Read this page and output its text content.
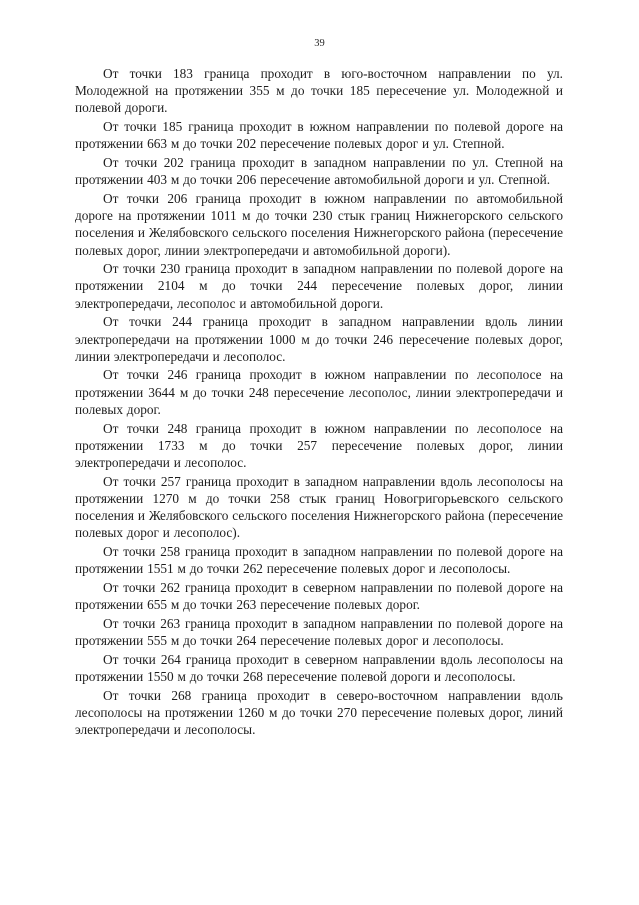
39

От точки 183 граница проходит в юго-восточном направлении по ул. Молодежной на протяжении 355 м до точки 185 пересечение ул. Молодежной и полевой дороги.

От точки 185 граница проходит в южном направлении по полевой дороге на протяжении 663 м до точки 202 пересечение полевых дорог и ул. Степной.

От точки 202 граница проходит в западном направлении по ул. Степной на протяжении 403 м до точки 206 пересечение автомобильной дороги и ул. Степной.

От точки 206 граница проходит в южном направлении по автомобильной дороге на протяжении 1011 м до точки 230 стык границ Нижнегорского сельского поселения и Желябовского сельского поселения Нижнегорского района (пересечение полевых дорог, линии электропередачи и автомобильной дороги).

От точки 230 граница проходит в западном направлении по полевой дороге на протяжении 2104 м до точки 244 пересечение полевых дорог, линии электропередачи, лесополос и автомобильной дороги.

От точки 244 граница проходит в западном направлении вдоль линии электропередачи на протяжении 1000 м до точки 246 пересечение полевых дорог, линии электропередачи и лесополос.

От точки 246 граница проходит в южном направлении по лесополосе на протяжении 3644 м до точки 248 пересечение лесополос, линии электропередачи и полевых дорог.

От точки 248 граница проходит в южном направлении по лесополосе на протяжении 1733 м до точки 257 пересечение полевых дорог, линии электропередачи и лесополос.

От точки 257 граница проходит в западном направлении вдоль лесополосы на протяжении 1270 м до точки 258 стык границ Новогригорьевского сельского поселения и Желябовского сельского поселения Нижнегорского района (пересечение полевых дорог и лесополос).

От точки 258 граница проходит в западном направлении по полевой дороге на протяжении 1551 м до точки 262 пересечение полевых дорог и лесополосы.

От точки 262 граница проходит в северном направлении по полевой дороге на протяжении 655 м до точки 263 пересечение полевых дорог.

От точки 263 граница проходит в западном направлении по полевой дороге на протяжении 555 м до точки 264 пересечение полевых дорог и лесополосы.

От точки 264 граница проходит в северном направлении вдоль лесополосы на протяжении 1550 м до точки 268 пересечение полевой дороги и лесополосы.

От точки 268 граница проходит в северо-восточном направлении вдоль лесополосы на протяжении 1260 м до точки 270 пересечение полевых дорог, линий электропередачи и лесополосы.
